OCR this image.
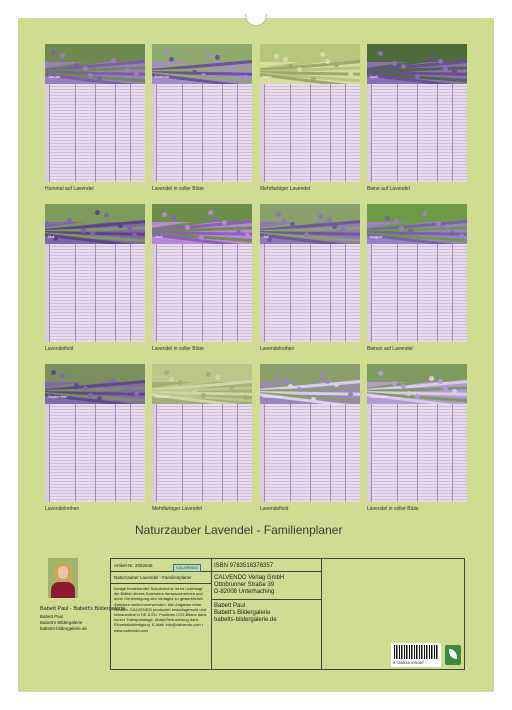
Januar
Hummel auf Lavendel
Februar
Lavendel in voller Blüte
März
Mehrfarbiger Lavendel
April
Biene auf Lavendel
Mai
Lavendelfeld
Juni
Lavendel in voller Blüte
Juli
Lavendelreihen
August
Bienen auf Lavendel
September
Lavendelreihen
Oktober
Mehrfarbiger Lavendel
November
Lavendelfeld
Dezember
Lavendel in voller Blüte
Naturzauber Lavendel - Familienplaner
Babett Paul - Babett's Bildergalerie
Babett Paul
Babett's Bildergalerie
babetts-bildergalerie.de
Artikel-Nr. 2052645	CALVENDO
Naturzauber Lavendel - Familienplaner
Infolge bestehender Schutzrechte ist es untersagt, die Blätter dieses Kalenders herauszutrennen und ohne Genehmigung des Verlages zu gewerblichen Zwecken weiterzuverwenden. Alle Angaben ohne Gewähr. CALVENDO produziert bedarfsgerecht und klimaneutral in DE & EU. Positives CO2-Bilanz dank kurzer Transportwege. Abfall-Reduzierung dank Einzelstückfertigung. E-Mail: info@calvendo.com • www.calvendo.com
ISBN 9783516376357
CALVENDO Verlag GmbH
Ottobrunner Straße 39
D-82008 Unterhaching
Babett Paul
Babett's Bildergalerie
babetts-bildergalerie.de
9 783516 376357
